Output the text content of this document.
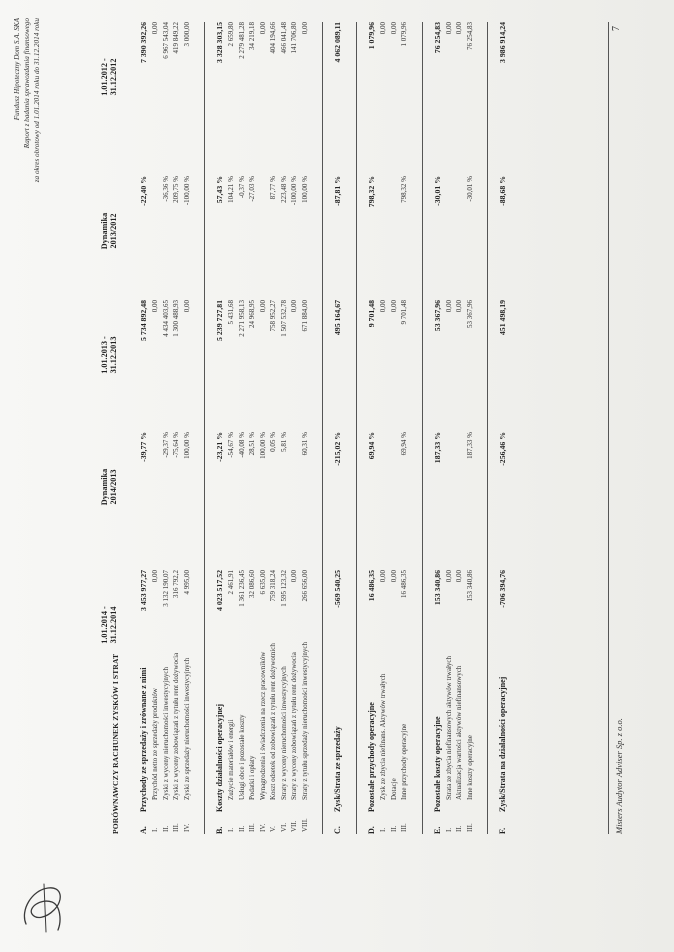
Fundusz Hipoteczny Dom S.A. SKA Raport z badania sprawozdania finansowego za okres obrotowy od 1.01.2014 roku do 31.12.2014 roku
PORÓWNAWCZY RACHUNEK ZYSKÓW I STRAT
1.01.2014 - 31.12.2014
Dynamika 2014/2013
1.01.2013 - 31.12.2013
Dynamika 2013/2012
1.01.2012 - 31.12.2012
A.
Przychody ze sprzedaży i zrównane z nimi
3 453 977,27
-39,77 %
5 734 892,48
-22,40 %
7 390 392,26
I.
Przychód netto ze sprzedaży produktów
0,00
0,00
0,00
II.
Zyski z wyceny nieruchomości inwestycyjnych
3 132 190,07
-29,37 %
4 434 403,65
-36,36 %
6 967 543,04
III.
Zyski z wyceny zobowiązań z tytułu rent dożywocia
316 792,2
-75,64 %
1 300 488,93
209,75 %
419 849,22
IV.
Zyski ze sprzedaży nieruchomości inwestycyjnych
4 995,00
100,00 %
0,00
-100,00 %
3 000,00
B.
Koszty działalności operacyjnej
4 023 517,52
-23,21 %
5 239 727,81
57,43 %
3 328 303,15
I.
Zużycie materiałów i energii
2 461,91
-54,67 %
5 431,68
104,21 %
2 659,80
II.
Usługi obce i pozostałe koszty
1 361 236,45
-40,08 %
2 271 958,13
-0,37 %
2 279 481,28
III.
Podatki i opłaty
32 086,60
28,51 %
24 968,95
-27,03 %
34 219,18
IV.
Wynagrodzenia i świadczenia na rzecz pracowników
6 635,00
100,00 %
0,00
0,00
V.
Koszt odsetek od zobowiązań z tytułu rent dożywotnich
759 318,24
0,05 %
758 952,27
87,77 %
404 194,66
VI.
Straty z wyceny nieruchomości inwestycyjnych
1 595 123,32
5,81 %
1 507 532,78
223,48 %
466 041,48
VII.
Straty z wyceny zobowiązań z tytułu rent dożywocia
0,00
0,00
-100,00 %
141 706,80
VIII.
Straty z tytułu sprzedaży nieruchomości inwestycyjnych
266 656,00
60,31 %
671 884,00
100,00 %
0,00
C.
Zysk/Strata ze sprzedaży
-569 540,25
-215,02 %
495 164,67
-87,81 %
4 062 089,11
D.
Pozostałe przychody operacyjne
16 486,35
69,94 %
9 701,48
798,32 %
1 079,96
I.
Zysk ze zbycia niefinans. Aktywów trwałych
0,00
0,00
0,00
II.
Dotacje
0,00
0,00
0,00
III.
Inne przychody operacyjne
16 486,35
69,94 %
9 701,48
798,32 %
1 079,96
E.
Pozostałe koszty operacyjne
153 340,86
187,33 %
53 367,96
-30,01 %
76 254,83
I.
Strata ze zbycia niefinansowych aktywów trwałych
0,00
0,00
0,00
II.
Aktualizacja wartości aktywów niefinansowych
0,00
0,00
0,00
III.
Inne koszty operacyjne
153 340,86
187,33 %
53 367,96
-30,01 %
76 254,83
F.
Zysk/Strata na działalności operacyjnej
-706 394,76
-256,46 %
451 498,19
-88,68 %
3 986 914,24
Misters Audytor Adviser Sp. z o.o.
7
